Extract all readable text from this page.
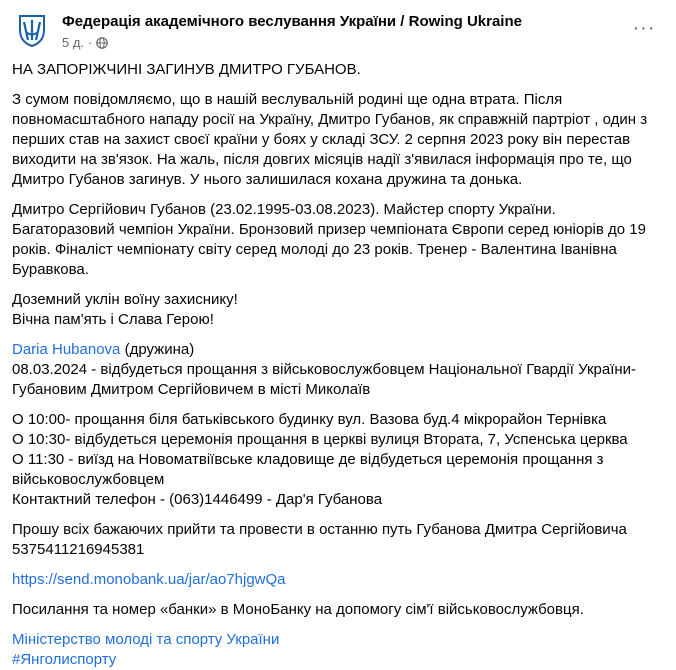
Федерація академічного веслування України / Rowing Ukraine
5 д. ·
···

НА ЗАПОРІЖЧИНІ ЗАГИНУВ ДМИТРО ГУБАНОВ.

З сумом повідомляємо, що в нашій веслувальній родині ще одна втрата. Після повномасштабного нападу росії на Україну, Дмитро Губанов, як справжній партріот , один з перших став на захист своєї країни у боях у складі ЗСУ. 2 серпня 2023 року він перестав виходити на зв'язок. На жаль, після довгих місяців надії з'явилася інформація про те, що Дмитро Губанов загинув. У нього залишилася кохана дружина та донька.

Дмитро Сергійович Губанов (23.02.1995-03.08.2023). Майстер спорту України. Багаторазовий чемпіон України. Бронзовий призер чемпіоната Європи серед юніорів до 19 років. Фіналіст чемпіонату світу серед молоді до 23 років. Тренер - Валентина Іванівна Буравкова.

Доземний уклін воїну захиснику!
Вічна пам'ять і Слава Герою!

Daria Hubanova (дружина)
08.03.2024 - відбудеться прощання з військовослужбовцем Національної Гвардії України- Губановим Дмитром Сергійовичем в місті Миколаїв

О 10:00- прощання біля батьківського будинку вул. Вазова буд.4 мікрорайон Тернівка
О 10:30- відбудеться церемонія прощання в церкві вулиця Втората, 7, Успенська церква
О 11:30 - виїзд на Новоматвіївське кладовище де відбудеться церемонія прощання з військовослужбовцем
Контактний телефон - (063)1446499 - Дар'я Губанова

Прошу всіх бажаючих прийти та провести в останню путь Губанова Дмитра Сергійовича
5375411216945381

https://send.monobank.ua/jar/ao7hjgwQa

Посилання та номер «банки» в МоноБанку на допомогу сім'ї військовослужбовця.

Міністерство молоді та спорту України
#Янголиспорту
